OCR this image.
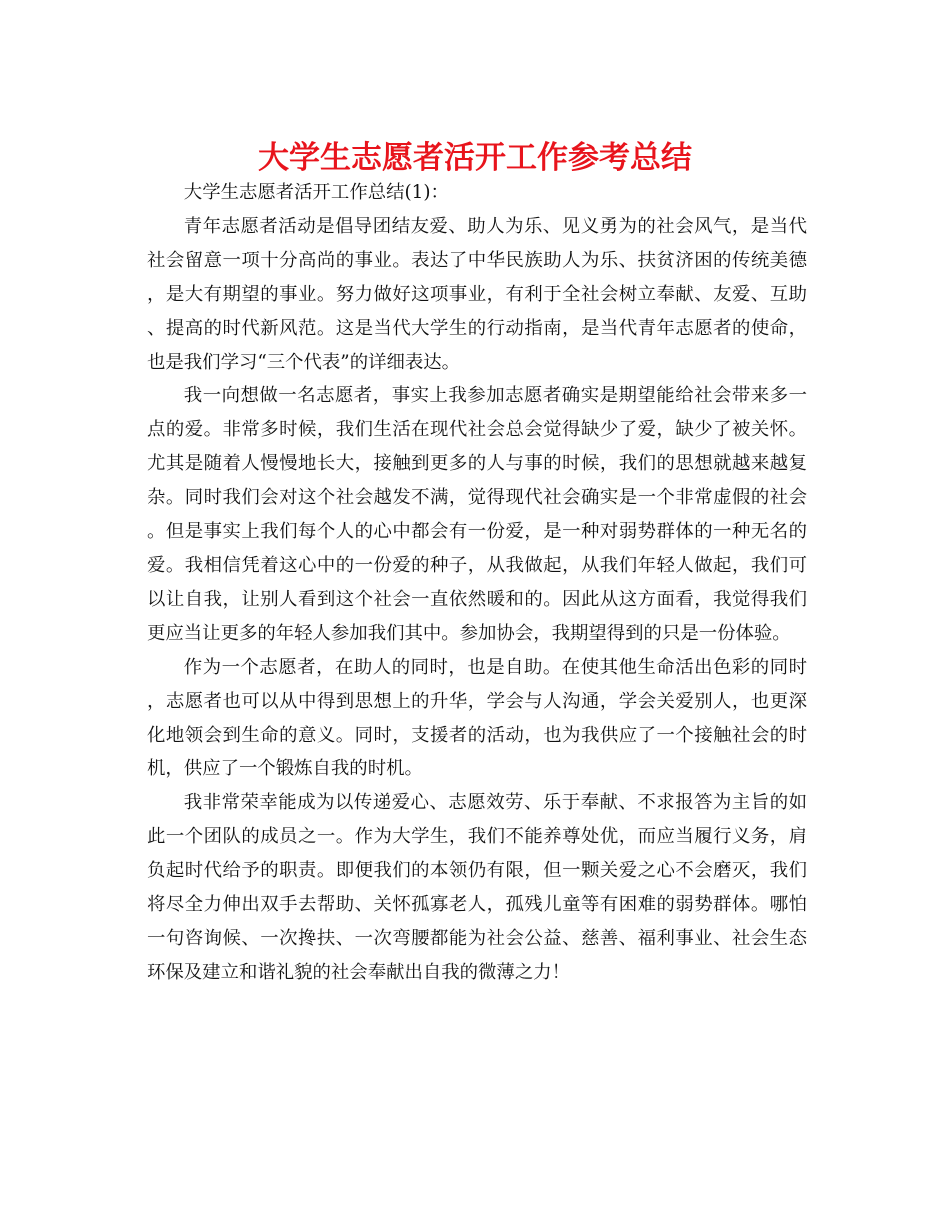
大学生志愿者活开工作参考总结

大学生志愿者活开工作总结(1)：

青年志愿者活动是倡导团结友爱、助人为乐、见义勇为的社会风气，是当代社会留意一项十分高尚的事业。表达了中华民族助人为乐、扶贫济困的传统美德，是大有期望的事业。努力做好这项事业，有利于全社会树立奉献、友爱、互助、提高的时代新风范。这是当代大学生的行动指南，是当代青年志愿者的使命，也是我们学习“三个代表”的详细表达。

我一向想做一名志愿者，事实上我参加志愿者确实是期望能给社会带来多一点的爱。非常多时候，我们生活在现代社会总会觉得缺少了爱，缺少了被关怀。尤其是随着人慢慢地长大，接触到更多的人与事的时候，我们的思想就越来越复杂。同时我们会对这个社会越发不满，觉得现代社会确实是一个非常虚假的社会。但是事实上我们每个人的心中都会有一份爱，是一种对弱势群体的一种无名的爱。我相信凭着这心中的一份爱的种子，从我做起，从我们年轻人做起，我们可以让自我，让别人看到这个社会一直依然暖和的。因此从这方面看，我觉得我们更应当让更多的年轻人参加我们其中。参加协会，我期望得到的只是一份体验。

作为一个志愿者，在助人的同时，也是自助。在使其他生命活出色彩的同时，志愿者也可以从中得到思想上的升华，学会与人沟通，学会关爱别人，也更深化地领会到生命的意义。同时，支援者的活动，也为我供应了一个接触社会的时机，供应了一个锻炼自我的时机。

我非常荣幸能成为以传递爱心、志愿效劳、乐于奉献、不求报答为主旨的如此一个团队的成员之一。作为大学生，我们不能养尊处优，而应当履行义务，肩负起时代给予的职责。即便我们的本领仍有限，但一颗关爱之心不会磨灭，我们将尽全力伸出双手去帮助、关怀孤寡老人，孤残儿童等有困难的弱势群体。哪怕一句咨询候、一次搀扶、一次弯腰都能为社会公益、慈善、福利事业、社会生态环保及建立和谐礼貌的社会奉献出自我的微薄之力！
